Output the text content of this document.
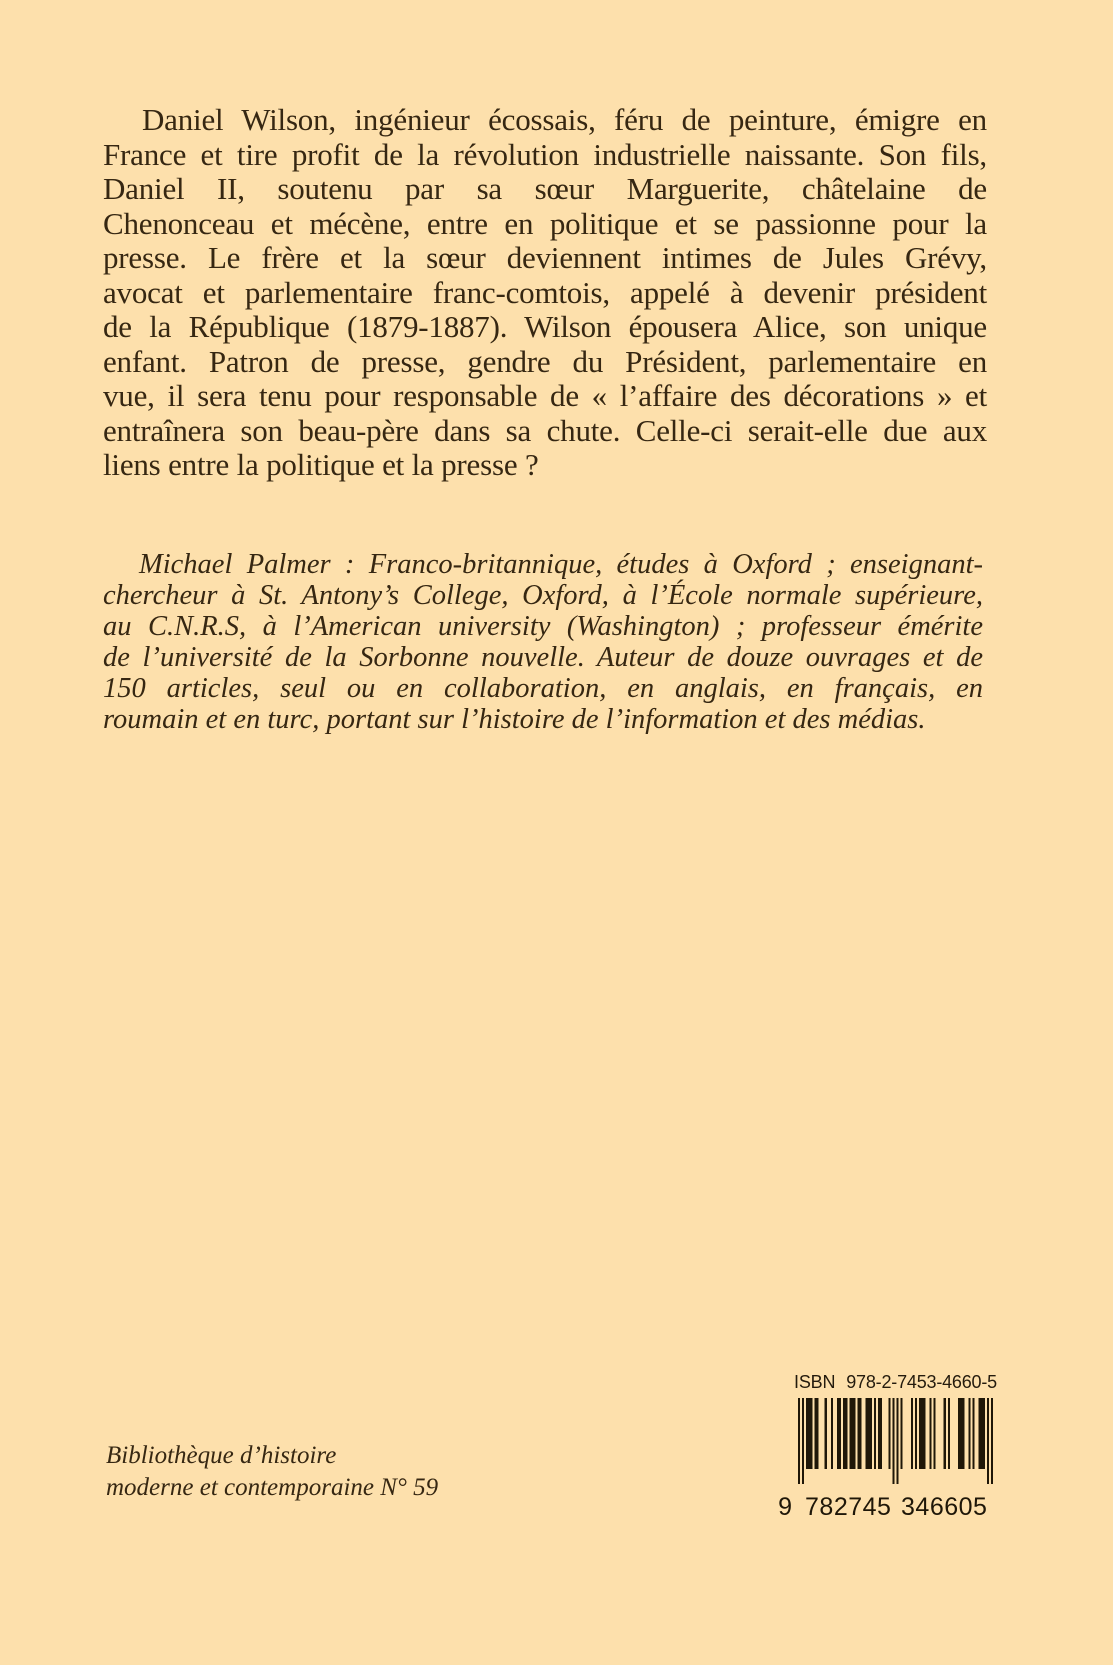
Daniel Wilson, ingénieur écossais, féru de peinture, émigre en
France et tire profit de la révolution industrielle naissante. Son fils,
Daniel II, soutenu par sa sœur Marguerite, châtelaine de
Chenonceau et mécène, entre en politique et se passionne pour la
presse. Le frère et la sœur deviennent intimes de Jules Grévy,
avocat et parlementaire franc-comtois, appelé à devenir président
de la République (1879-1887). Wilson épousera Alice, son unique
enfant. Patron de presse, gendre du Président, parlementaire en
vue, il sera tenu pour responsable de « l’affaire des décorations » et
entraînera son beau-père dans sa chute. Celle-ci serait-elle due aux
liens entre la politique et la presse ?
Michael Palmer : Franco-britannique, études à Oxford ; enseignant-
chercheur à St. Antony’s College, Oxford, à l’École normale supérieure,
au C.N.R.S, à l’American university (Washington) ; professeur émérite
de l’université de la Sorbonne nouvelle. Auteur de douze ouvrages et de
150 articles, seul ou en collaboration, en anglais, en français, en
roumain et en turc, portant sur l’histoire de l’information et des médias.
Bibliothèque d’histoire
moderne et contemporaine N° 59
ISBN 978-2-7453-4660-5
9 7 8 2 7 4 5 3 4 6 6 0 5
